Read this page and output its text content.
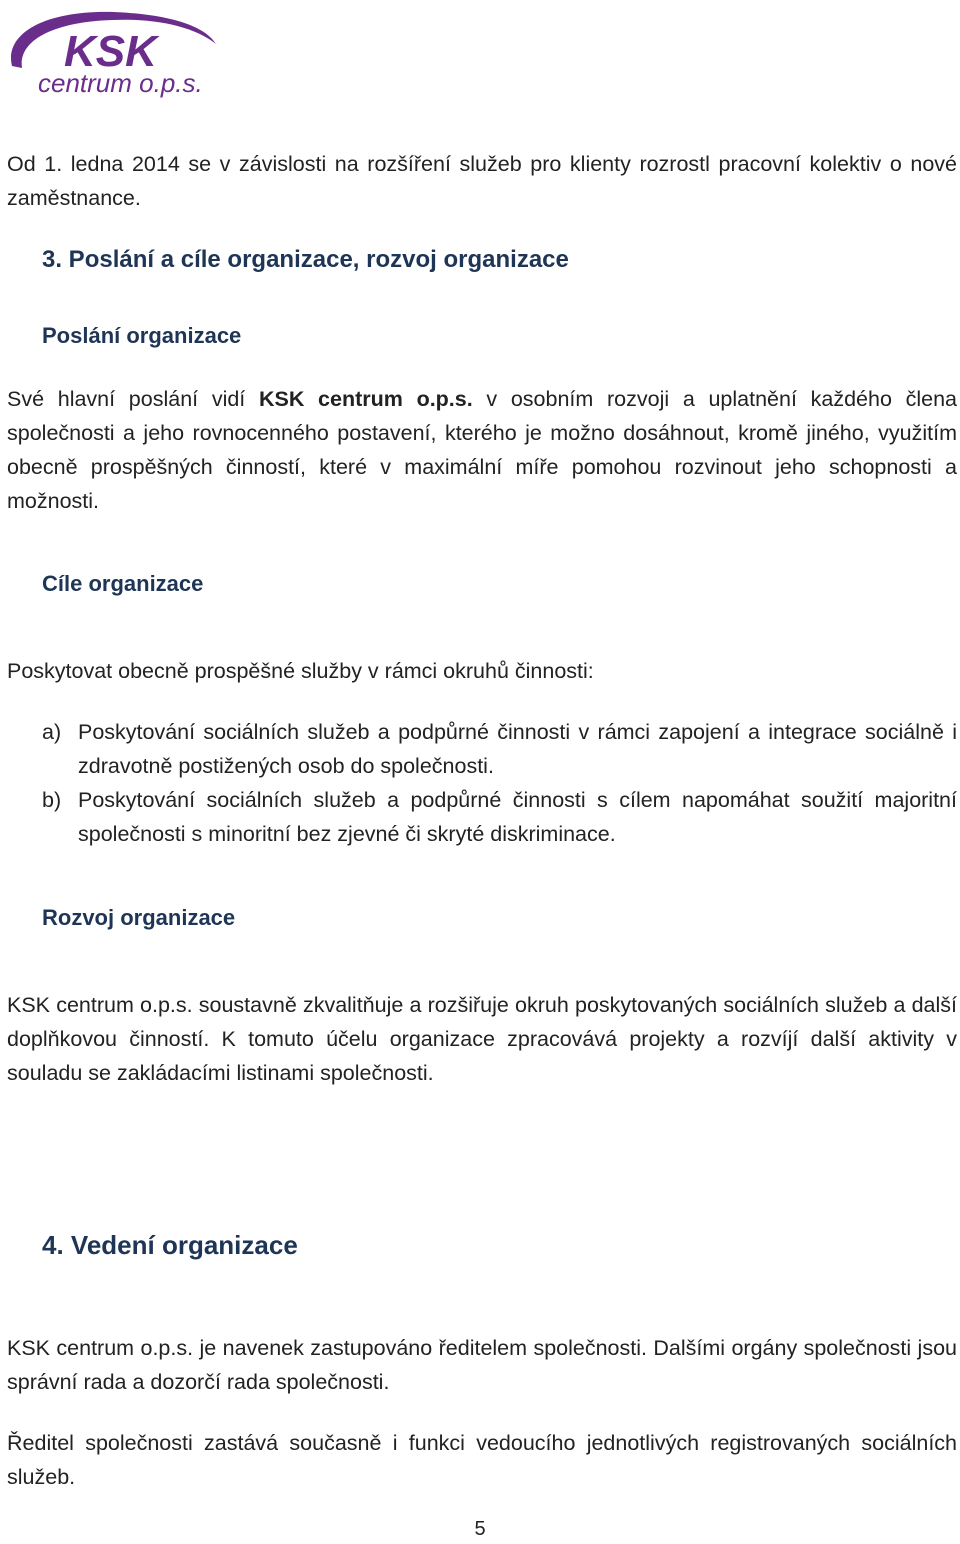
KSK
centrum o.p.s.
Od 1. ledna 2014 se v závislosti na rozšíření služeb pro klienty rozrostl pracovní kolektiv o nové zaměstnance.
3. Poslání a cíle organizace, rozvoj organizace
Poslání organizace
Své hlavní poslání vidí KSK centrum o.p.s. v osobním rozvoji a uplatnění každého člena společnosti a jeho rovnocenného postavení, kterého je možno dosáhnout, kromě jiného, využitím obecně prospěšných činností, které v maximální míře pomohou rozvinout jeho schopnosti a možnosti.
Cíle organizace
Poskytovat obecně prospěšné služby v rámci okruhů činnosti:
a) Poskytování sociálních služeb a podpůrné činnosti v rámci zapojení a integrace sociálně i zdravotně postižených osob do společnosti.
b) Poskytování sociálních služeb a podpůrné činnosti s cílem napomáhat soužití majoritní společnosti s minoritní bez zjevné či skryté diskriminace.
Rozvoj organizace
KSK centrum o.p.s. soustavně zkvalitňuje a rozšiřuje okruh poskytovaných sociálních služeb a další doplňkovou činností. K tomuto účelu organizace zpracovává projekty a rozvíjí další aktivity v souladu se zakládacími listinami společnosti.
4. Vedení organizace
KSK centrum o.p.s. je navenek zastupováno ředitelem společnosti. Dalšími orgány společnosti jsou správní rada a dozorčí rada společnosti.
Ředitel společnosti zastává současně i funkci vedoucího jednotlivých registrovaných sociálních služeb.
5
